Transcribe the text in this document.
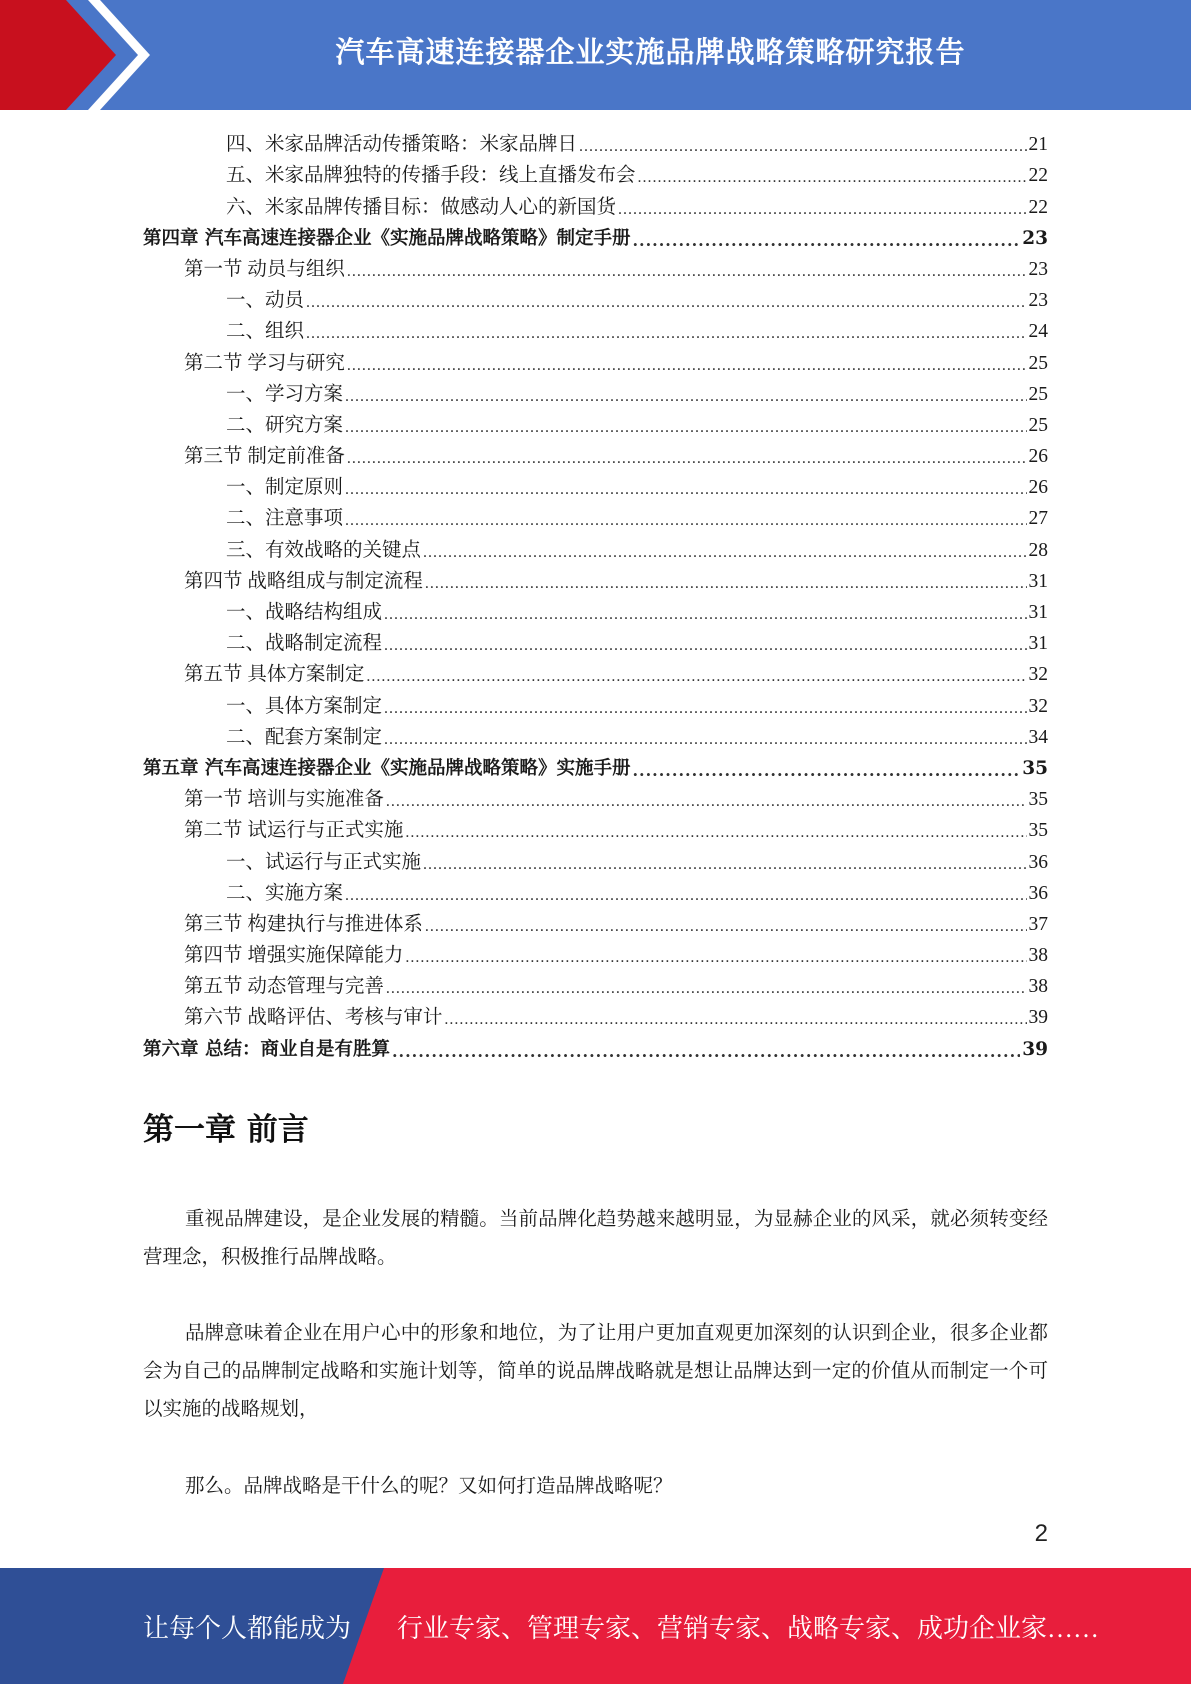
汽车高速连接器企业实施品牌战略策略研究报告
四、米家品牌活动传播策略：米家品牌日 .....	21
五、米家品牌独特的传播手段：线上直播发布会 .....	22
六、米家品牌传播目标：做感动人心的新国货 .....	22
第四章 汽车高速连接器企业《实施品牌战略策略》制定手册 .....	23
第一节 动员与组织 .....	23
一、动员 .....	23
二、组织 .....	24
第二节 学习与研究 .....	25
一、学习方案 .....	25
二、研究方案 .....	25
第三节 制定前准备 .....	26
一、制定原则 .....	26
二、注意事项 .....	27
三、有效战略的关键点 .....	28
第四节 战略组成与制定流程 .....	31
一、战略结构组成 .....	31
二、战略制定流程 .....	31
第五节 具体方案制定 .....	32
一、具体方案制定 .....	32
二、配套方案制定 .....	34
第五章 汽车高速连接器企业《实施品牌战略策略》实施手册 .....	35
第一节 培训与实施准备 .....	35
第二节 试运行与正式实施 .....	35
一、试运行与正式实施 .....	36
二、实施方案 .....	36
第三节 构建执行与推进体系 .....	37
第四节 增强实施保障能力 .....	38
第五节 动态管理与完善 .....	38
第六节 战略评估、考核与审计 .....	39
第六章 总结：商业自是有胜算 .....	39
第一章 前言

重视品牌建设，是企业发展的精髓。当前品牌化趋势越来越明显，为显赫企业的风采，就必须转变经营理念，积极推行品牌战略。

品牌意味着企业在用户心中的形象和地位，为了让用户更加直观更加深刻的认识到企业，很多企业都会为自己的品牌制定战略和实施计划等，简单的说品牌战略就是想让品牌达到一定的价值从而制定一个可以实施的战略规划，

那么。品牌战略是干什么的呢？又如何打造品牌战略呢？

2
让每个人都能成为 行业专家、管理专家、营销专家、战略专家、成功企业家……
